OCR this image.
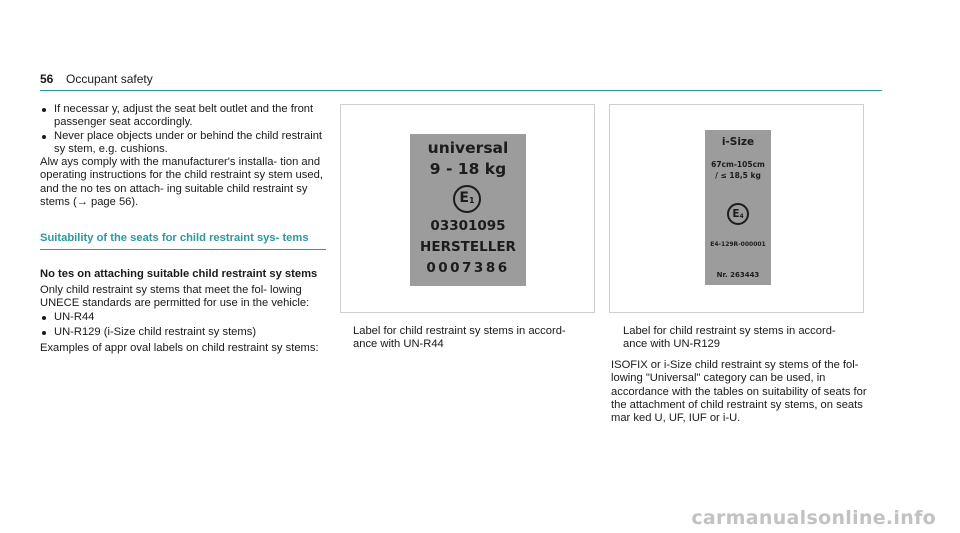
56 Occupant safety
If necessar y, adjust the seat belt outlet and the front passenger seat accordingly.
Never place objects under or behind the child restraint sy stem, e.g. cushions.

Alw ays comply with the manufacturer's installa‐ tion and operating instructions for the child restraint sy stem used, and the no tes on attach‐ ing suitable child restraint sy stems (→ page 56).

Suitability of the seats for child restraint sys‐ tems
No tes on attaching suitable child restraint sy stems

Only child restraint sy stems that meet the fol‐ lowing UNECE standards are permitted for use in the vehicle:

UN-R44
UN-R129 (i-Size child restraint sy stems)

Examples of appr oval labels on child restraint sy stems:

universal
9 - 18 kg
$E_1$
03301095
HERSTELLER
0007386
Label for child restraint sy stems in accord‐ ance with UN-R44
i-Size
67cm-105cm
/ ≤ 18,5 kg
$E_4$
E4-129R-000001
Nr. 263443
Label for child restraint sy stems in accord‐ ance with UN-R129
ISOFIX or i-Size child restraint sy stems of the fol‐ lowing "Universal" category can be used, in accordance with the tables on suitability of seats for the attachment of child restraint sy stems, on seats mar ked U, UF, IUF or i-U.
carmanualsonline.info
